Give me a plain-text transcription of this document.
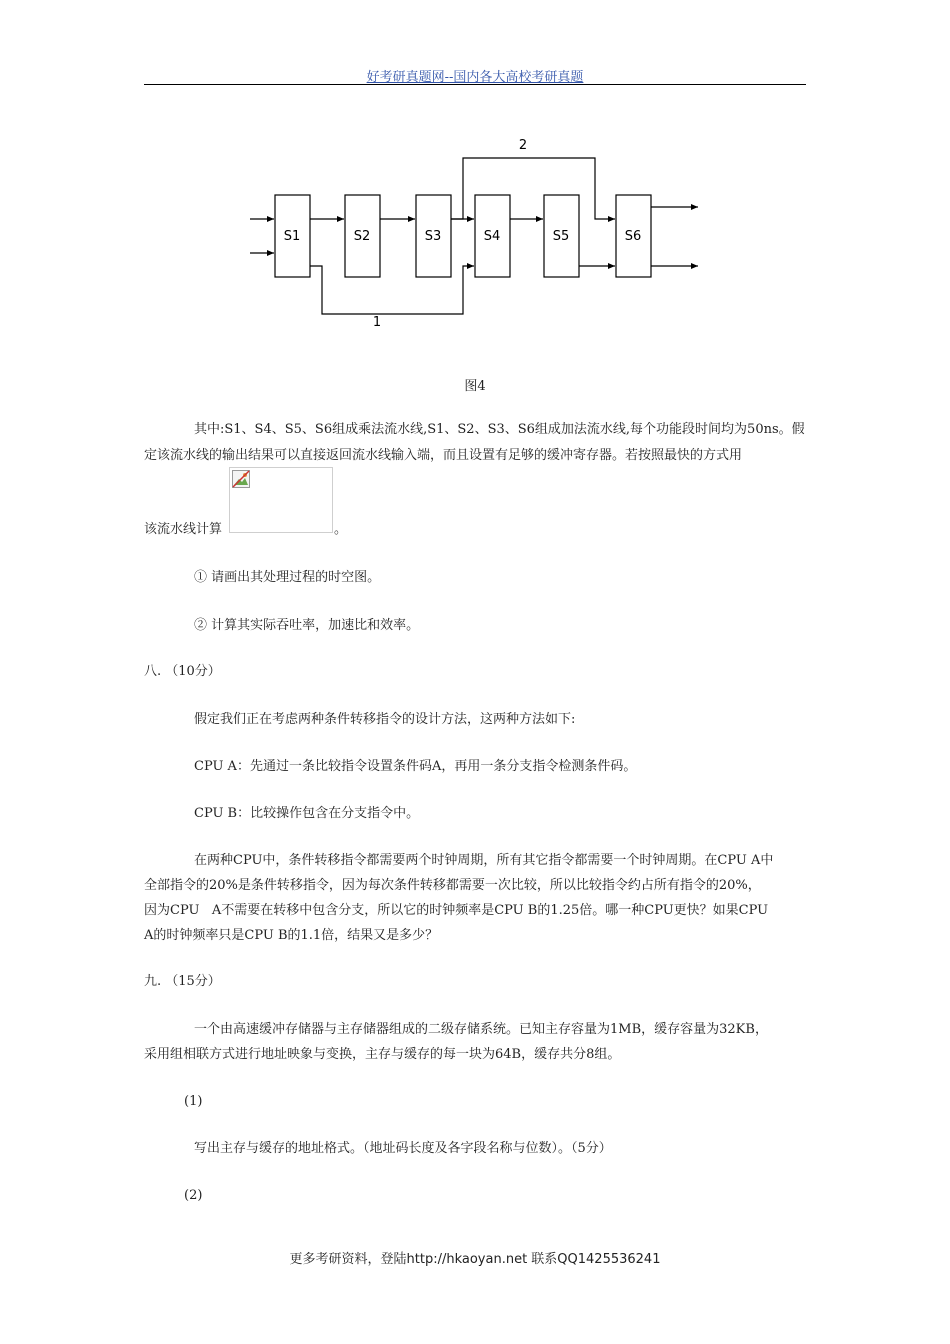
好考研真题网--国内各大高校考研真题
S1	S2	S3	S4	S5	S6
2
1
图4
其中:S1、S4、S5、S6组成乘法流水线,S1、S2、S3、S6组成加法流水线,每个功能段时间均为50ns。假
定该流水线的输出结果可以直接返回流水线输入端，而且设置有足够的缓冲寄存器。若按照最快的方式用
该流水线计算	。
① 请画出其处理过程的时空图。
② 计算其实际吞吐率，加速比和效率。
八. （10分）
假定我们正在考虑两种条件转移指令的设计方法，这两种方法如下:
CPU A：先通过一条比较指令设置条件码A，再用一条分支指令检测条件码。
CPU B：比较操作包含在分支指令中。
在两种CPU中，条件转移指令都需要两个时钟周期，所有其它指令都需要一个时钟周期。在CPU A中
全部指令的20%是条件转移指令，因为每次条件转移都需要一次比较，所以比较指令约占所有指令的20%，
因为CPU   A不需要在转移中包含分支，所以它的时钟频率是CPU B的1.25倍。哪一种CPU更快？如果CPU
A的时钟频率只是CPU B的1.1倍，结果又是多少？
九. （15分）
一个由高速缓冲存储器与主存储器组成的二级存储系统。已知主存容量为1MB，缓存容量为32KB，
采用组相联方式进行地址映象与变换，主存与缓存的每一块为64B，缓存共分8组。
(1)
写出主存与缓存的地址格式。（地址码长度及各字段名称与位数）。（5分）
(2)
更多考研资料，登陆http://hkaoyan.net 联系QQ1425536241
